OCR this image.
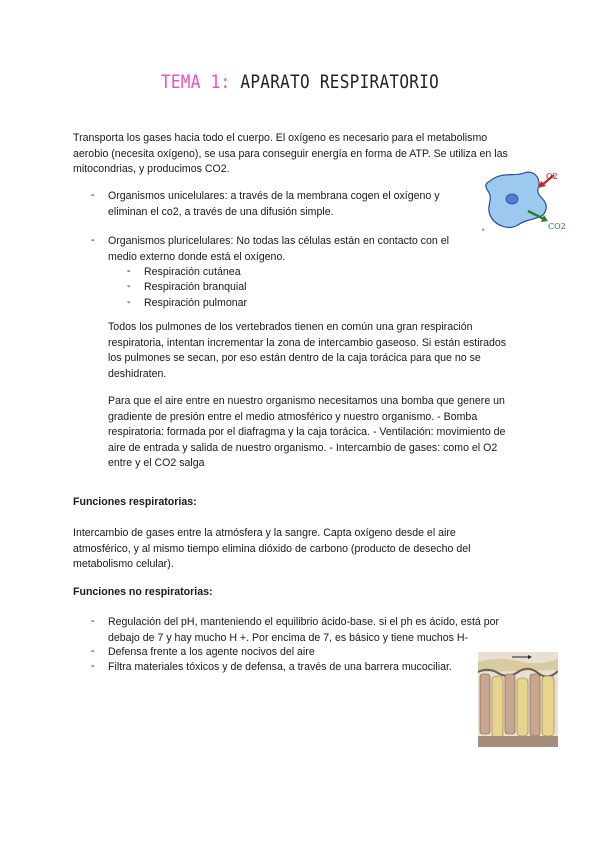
TEMA 1: APARATO RESPIRATORIO

Transporta los gases hacia todo el cuerpo. El oxígeno es necesario para el metabolismo aerobio (necesita oxígeno), se usa para conseguir energía en forma de ATP. Se utiliza en las mitocondrias, y producimos CO2.

- Organismos unicelulares: a través de la membrana cogen el oxígeno y
eliminan el co2, a través de una difusión simple.
- Organismos pluricelulares: No todas las células están en contacto con el
medio externo donde está el oxígeno.
- Respiración cutánea
- Respiración branquial
- Respiración pulmonar
Todos los pulmones de los vertebrados tienen en común una gran respiración
respiratoria, intentan incrementar la zona de intercambio gaseoso. Si están estirados
los pulmones se secan, por eso están dentro de la caja torácica para que no se
deshidraten.
Para que el aire entre en nuestro organismo necesitamos una bomba que genere un
gradiente de presión entre el medio atmosférico y nuestro organismo. - Bomba
respiratoria: formada por el diafragma y la caja torácica. - Ventilación: movimiento de
aire de entrada y salida de nuestro organismo. - Intercambio de gases: como el O2
entre y el CO2 salga
Funciones respiratorias:
Intercambio de gases entre la atmósfera y la sangre. Capta oxígeno desde el aire
atmosférico, y al mismo tiempo elimina dióxido de carbono (producto de desecho del
metabolismo celular).
Funciones no respiratorias:
- Regulación del pH, manteniendo el equilibrio ácido-base. si el ph es ácido, está por
debajo de 7 y hay mucho H +. Por encima de 7, es básico y tiene muchos H-
- Defensa frente a los agente nocivos del aire
- Filtra materiales tóxicos y de defensa, a través de una barrera mucociliar.
O2
CO2
s
